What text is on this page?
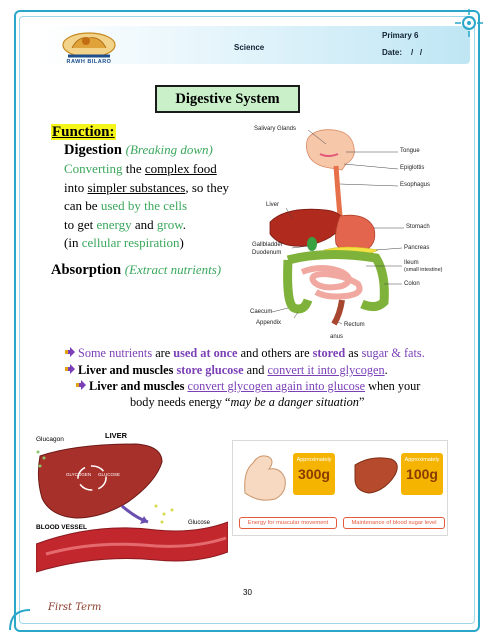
RAWH BILARO
Science
Primary 6
Date: /   /
Digestive System
Function:
Digestion (Breaking down)
Converting the complex food
into simpler substances, so they
can be used by the cells
to get energy and grow.
(in cellular respiration)
Absorption (Extract nutrients)
Salivary Glands
Tongue
Epiglottis
Esophagus
Liver
Stomach
Gallbladder
Duodenum
Pancreas
Ileum
(small intestine)
Colon
Caecum
Appendix	Rectum
anus
Some nutrients are used at once and others are stored as sugar & fats.
Liver and muscles store glucose and convert it into glycogen.
Liver and muscles convert glycogen again into glucose when your
body needs energy “may be a danger situation”
Glucagon	LIVER
GLYCOGEN GLUCOSE
BLOOD VESSEL
Glucose
Approximately
300g
Approximately
100g
Energy for muscular movement	Maintenance of blood sugar level
30
First Term
